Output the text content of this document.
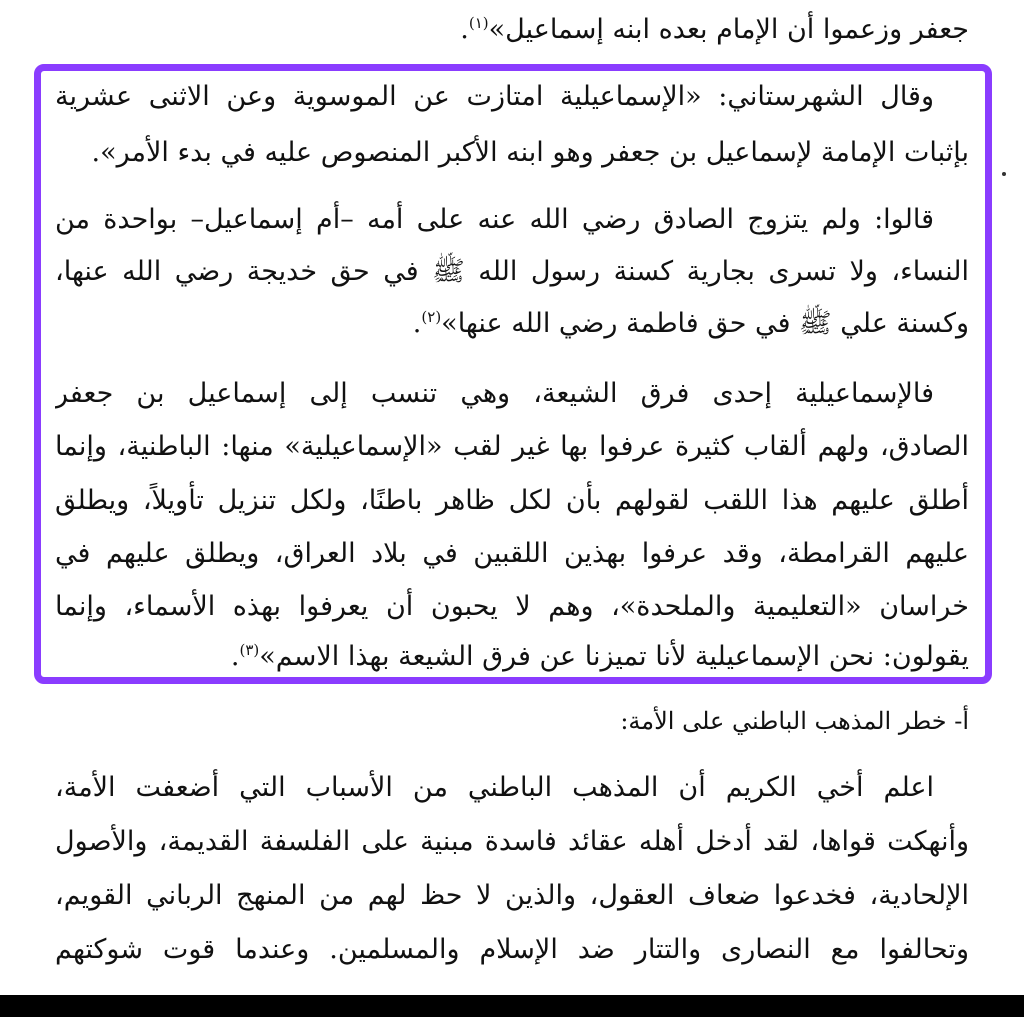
جعفر وزعموا أن الإمام بعده ابنه إسماعيل»$^{(١)}$.
وقال الشهرستاني: «الإسماعيلية امتازت عن الموسوية وعن الاثنى عشرية
بإثبات الإمامة لإسماعيل بن جعفر وهو ابنه الأكبر المنصوص عليه في بدء الأمر».
قالوا: ولم يتزوج الصادق رضي الله عنه على أمه –أم إسماعيل– بواحدة من
النساء، ولا تسرى بجارية كسنة رسول الله ﷺ في حق خديجة رضي الله عنها،
وكسنة علي ﷺ في حق فاطمة رضي الله عنها»$^{(٢)}$.
فالإسماعيلية إحدى فرق الشيعة، وهي تنسب إلى إسماعيل بن جعفر
الصادق، ولهم ألقاب كثيرة عرفوا بها غير لقب «الإسماعيلية» منها: الباطنية، وإنما
أطلق عليهم هذا اللقب لقولهم بأن لكل ظاهر باطنًا، ولكل تنزيل تأويلاً، ويطلق
عليهم القرامطة، وقد عرفوا بهذين اللقبين في بلاد العراق، ويطلق عليهم في
خراسان «التعليمية والملحدة»، وهم لا يحبون أن يعرفوا بهذه الأسماء، وإنما
يقولون: نحن الإسماعيلية لأنا تميزنا عن فرق الشيعة بهذا الاسم»$^{(٣)}$.
أ- خطر المذهب الباطني على الأمة:
اعلم أخي الكريم أن المذهب الباطني من الأسباب التي أضعفت الأمة،
وأنهكت قواها، لقد أدخل أهله عقائد فاسدة مبنية على الفلسفة القديمة، والأصول
الإلحادية، فخدعوا ضعاف العقول، والذين لا حظ لهم من المنهج الرباني القويم،
وتحالفوا مع النصارى والتتار ضد الإسلام والمسلمين. وعندما قوت شوكتهم
